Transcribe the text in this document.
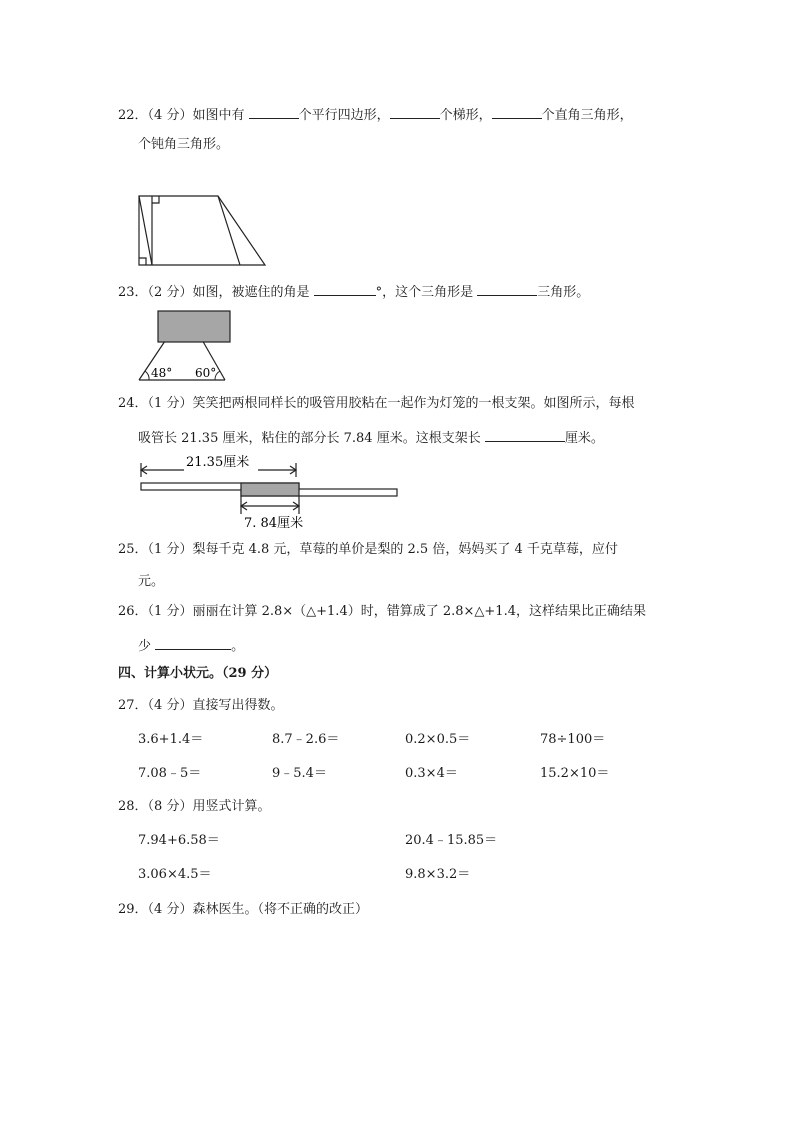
22．（4 分）如图中有	个平行四边形，	个梯形，	个直角三角形，
个钝角三角形。
23．（2 分）如图，被遮住的角是	°，这个三角形是	三角形。
48° 60°
24．（1 分）笑笑把两根同样长的吸管用胶粘在一起作为灯笼的一根支架。如图所示，每根
吸管长 21.35 厘米，粘住的部分长 7.84 厘米。这根支架长	厘米。
21.35厘米
7. 84厘米
25．（1 分）梨每千克 4.8 元，草莓的单价是梨的 2.5 倍，妈妈买了 4 千克草莓，应付
元。
26．（1 分）丽丽在计算 2.8×（△+1.4）时，错算成了 2.8×△+1.4，这样结果比正确结果
少	。
四、计算小状元。（29 分）
27．（4 分）直接写出得数。
3.6+1.4＝	8.7﹣2.6＝	0.2×0.5＝	78÷100＝
7.08﹣5＝	9﹣5.4＝	0.3×4＝	15.2×10＝
28．（8 分）用竖式计算。
7.94+6.58＝	20.4﹣15.85＝
3.06×4.5＝	9.8×3.2＝
29．（4 分）森林医生。（将不正确的改正）
